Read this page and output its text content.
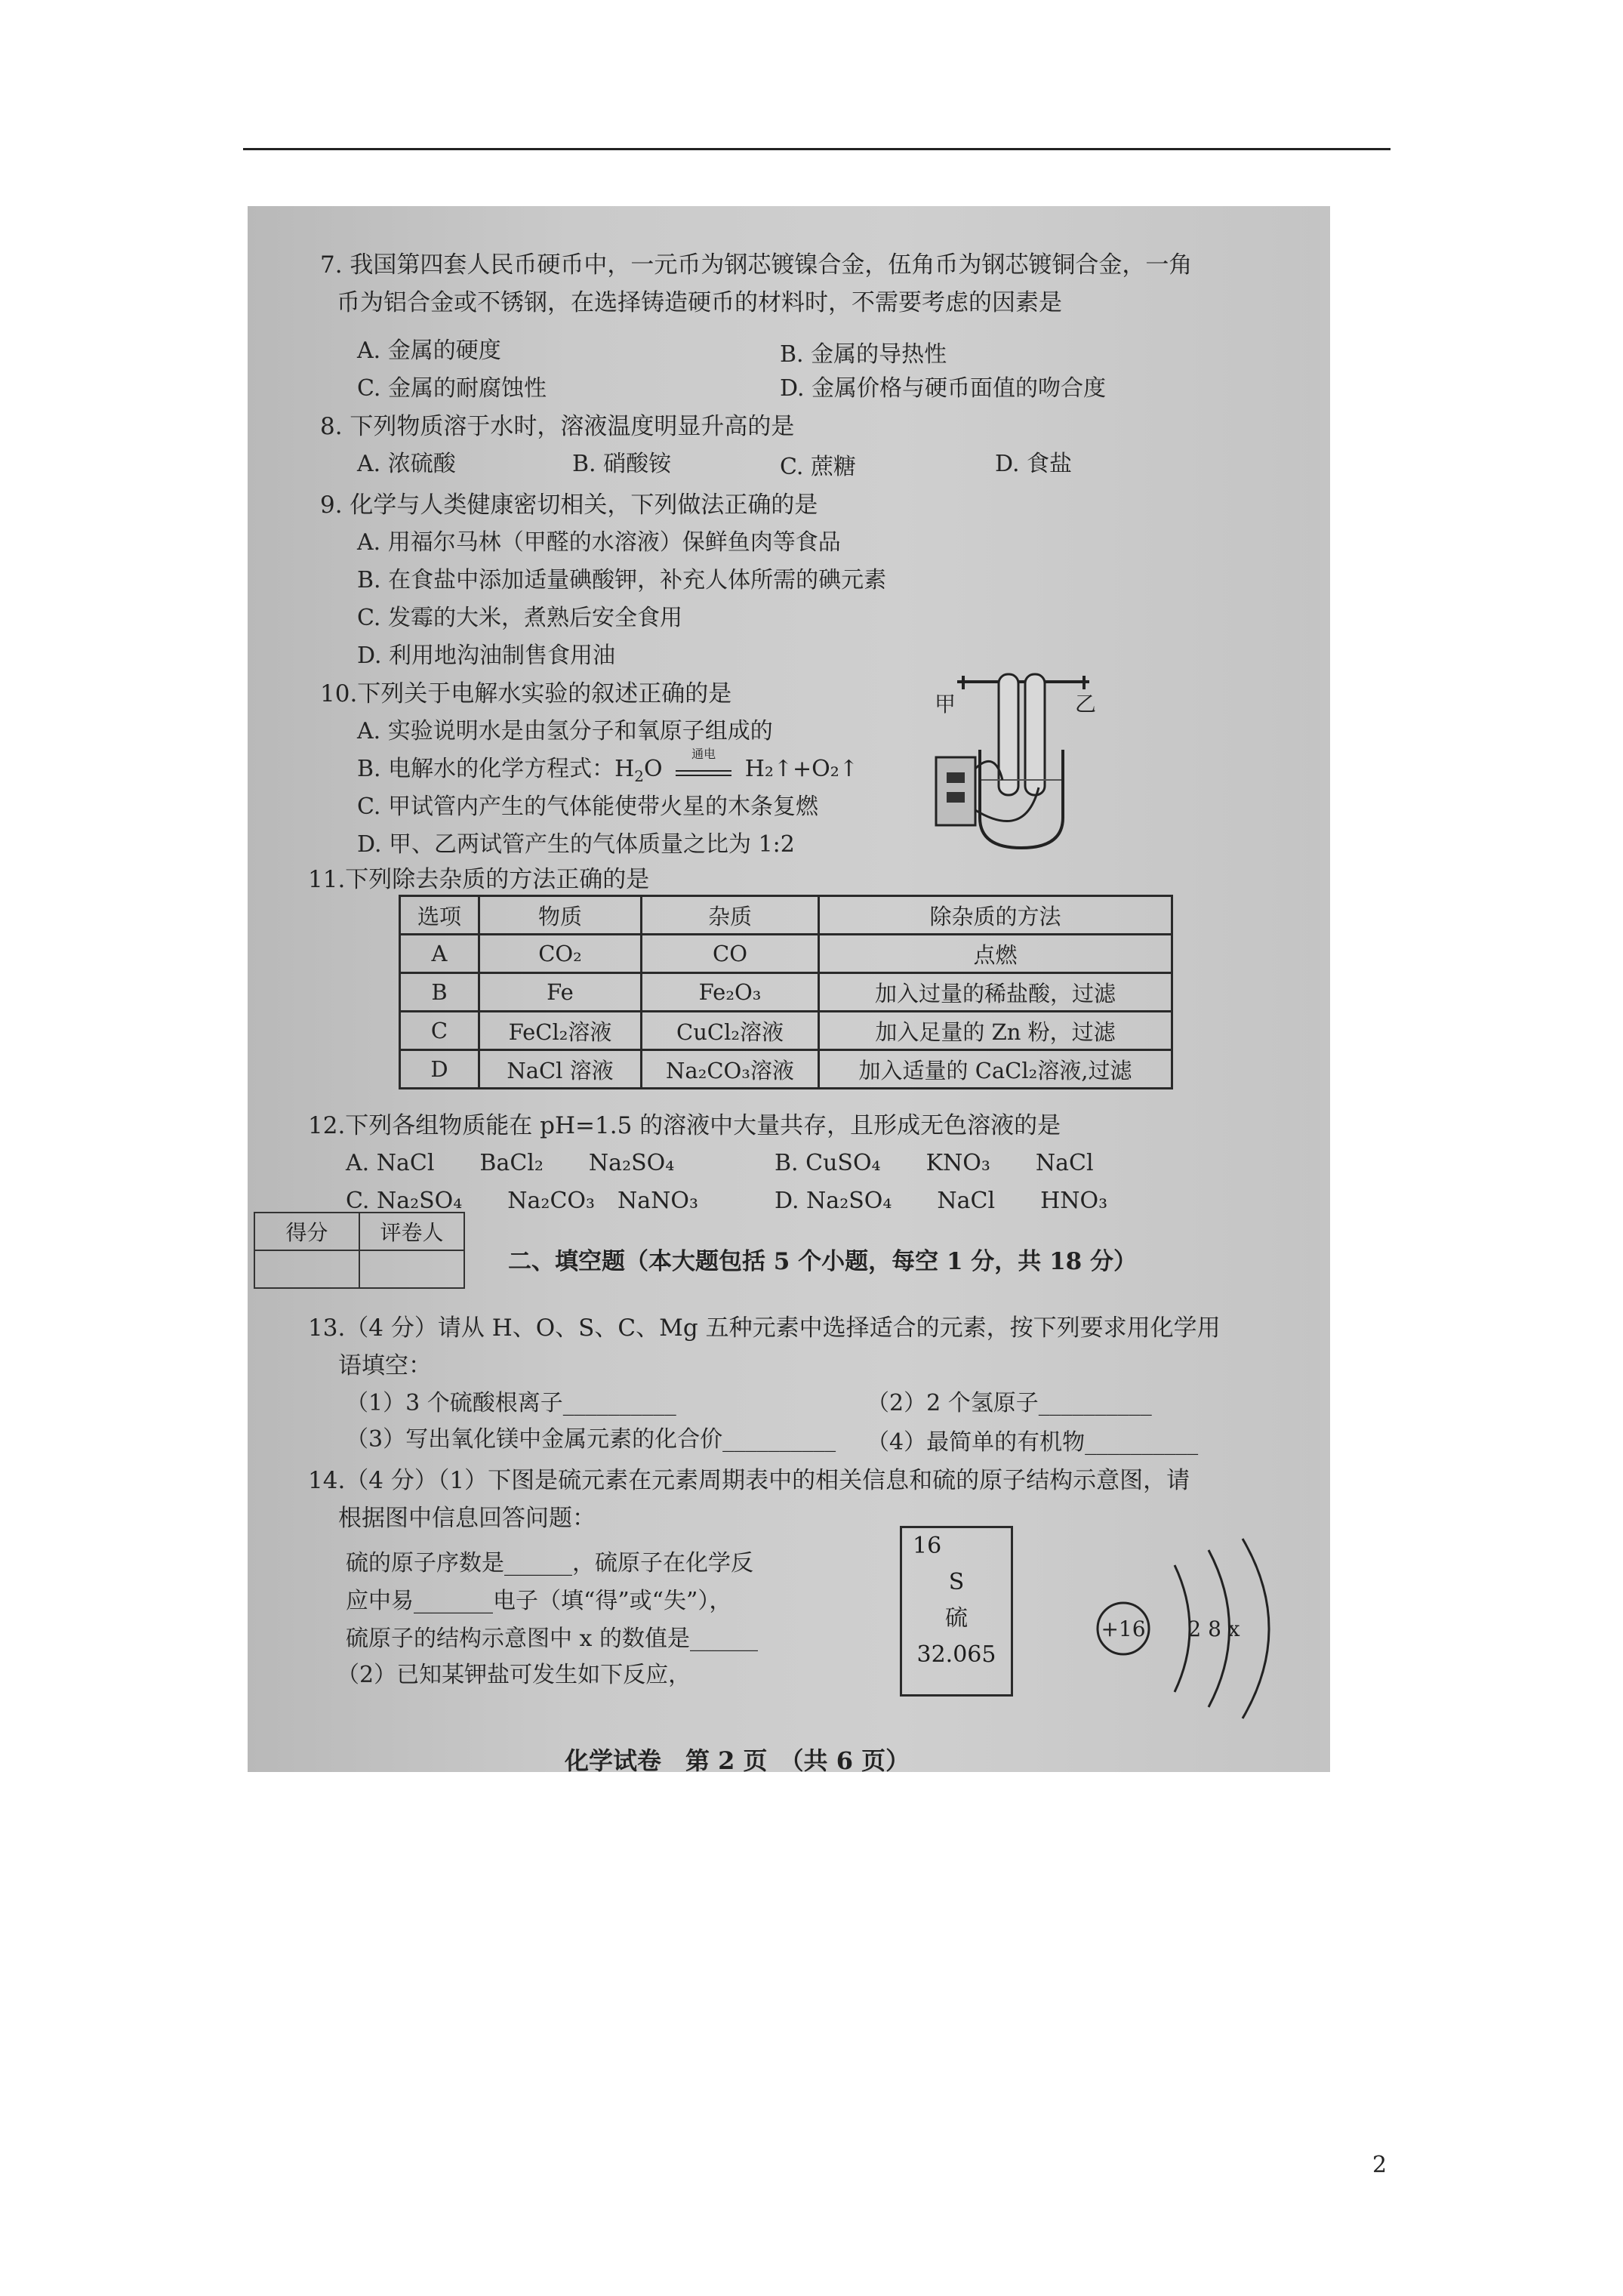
7. 我国第四套人民币硬币中，一元币为钢芯镀镍合金，伍角币为钢芯镀铜合金，一角
币为铝合金或不锈钢，在选择铸造硬币的材料时，不需要考虑的因素是
A. 金属的硬度	B. 金属的导热性
C. 金属的耐腐蚀性	D. 金属价格与硬币面值的吻合度
8. 下列物质溶于水时，溶液温度明显升高的是
A. 浓硫酸	B. 硝酸铵	C. 蔗糖	D. 食盐
9. 化学与人类健康密切相关，下列做法正确的是
A. 用福尔马林（甲醛的水溶液）保鲜鱼肉等食品
B. 在食盐中添加适量碘酸钾，补充人体所需的碘元素
C. 发霉的大米，煮熟后安全食用
D. 利用地沟油制售食用油
10.下列关于电解水实验的叙述正确的是
A. 实验说明水是由氢分子和氧原子组成的
B. 电解水的化学方程式：$H_2O$
通电
H₂↑+O₂↑
C. 甲试管内产生的气体能使带火星的木条复燃
D. 甲、乙两试管产生的气体质量之比为 1:2
甲	乙
11.下列除去杂质的方法正确的是
选项	物质	杂质	除杂质的方法
A	CO₂	CO	点燃
B	Fe	Fe₂O₃	加入过量的稀盐酸，过滤
C	FeCl₂溶液	CuCl₂溶液	加入足量的 Zn 粉，过滤
D	NaCl 溶液	Na₂CO₃溶液	加入适量的 CaCl₂溶液,过滤
12.下列各组物质能在 pH=1.5 的溶液中大量共存，且形成无色溶液的是
A. NaCl　　BaCl₂　　Na₂SO₄	B. CuSO₄　　KNO₃　　NaCl
C. Na₂SO₄　　Na₂CO₃　NaNO₃	D. Na₂SO₄　　NaCl　　HNO₃
得分	评卷人

二、填空题（本大题包括 5 个小题，每空 1 分，共 18 分）
13.（4 分）请从 H、O、S、C、Mg 五种元素中选择适合的元素，按下列要求用化学用
语填空：
（1）3 个硫酸根离子__________	（2）2 个氢原子__________
（3）写出氧化镁中金属元素的化合价__________ （4）最简单的有机物__________
14.（4 分）（1）下图是硫元素在元素周期表中的相关信息和硫的原子结构示意图，请
根据图中信息回答问题：
硫的原子序数是______，硫原子在化学反
应中易_______电子（填“得”或“失”），
硫原子的结构示意图中 x 的数值是______
（2）已知某钾盐可发生如下反应，
16
S
硫
32.065
+16 2 8 x
化学试卷　第 2 页　（共 6 页）
2
